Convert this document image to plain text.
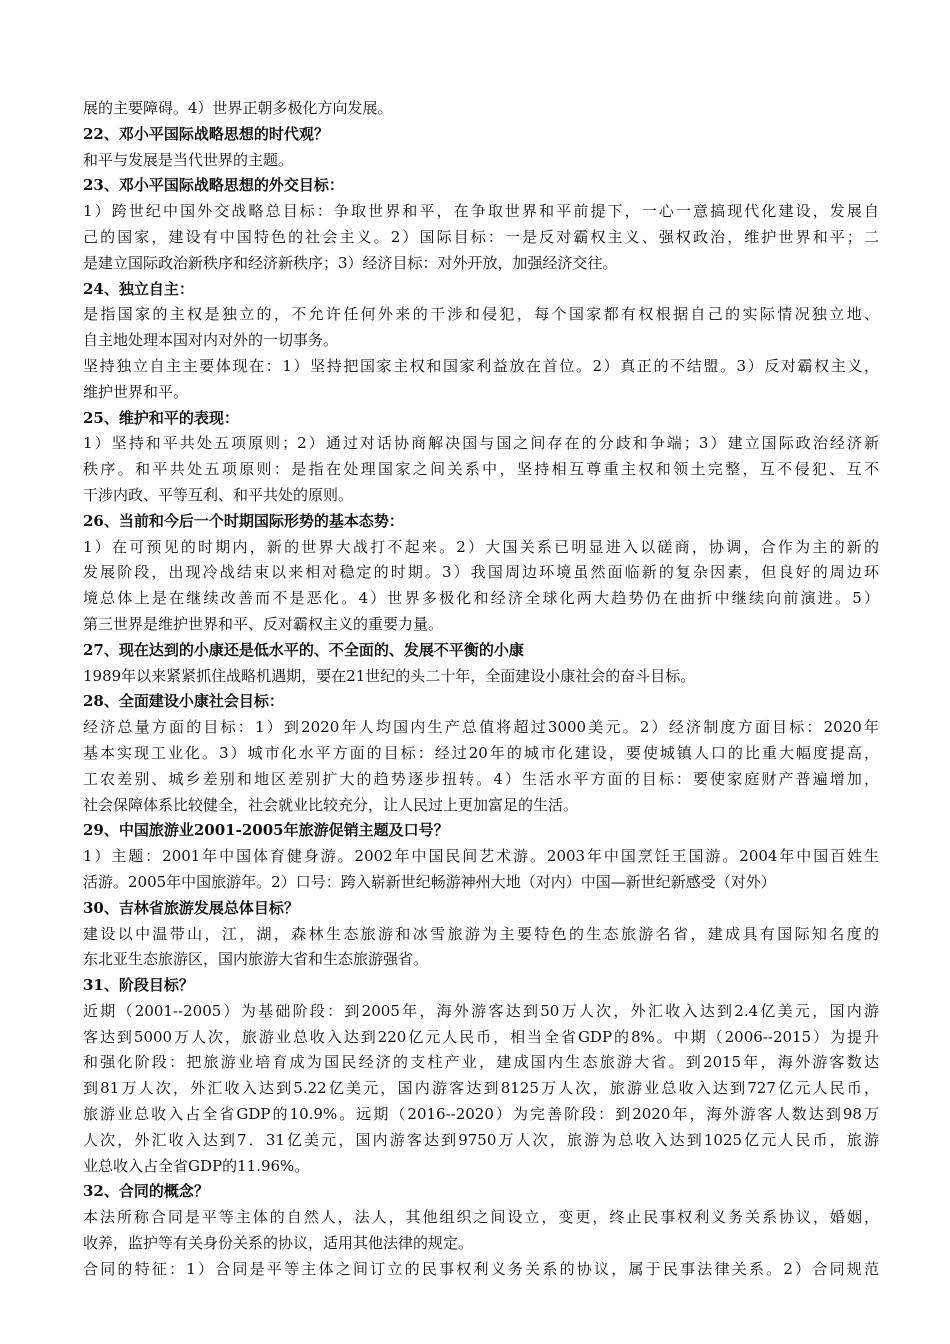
展的主要障碍。4）世界正朝多极化方向发展。
22、邓小平国际战略思想的时代观？
和平与发展是当代世界的主题。
23、邓小平国际战略思想的外交目标：
1）跨世纪中国外交战略总目标：争取世界和平，在争取世界和平前提下，一心一意搞现代化建设，发展自
己的国家，建设有中国特色的社会主义。2）国际目标：一是反对霸权主义、强权政治，维护世界和平；二
是建立国际政治新秩序和经济新秩序；3）经济目标：对外开放，加强经济交往。
24、独立自主：
是指国家的主权是独立的，不允许任何外来的干涉和侵犯，每个国家都有权根据自己的实际情况独立地、
自主地处理本国对内对外的一切事务。
坚持独立自主主要体现在：1）坚持把国家主权和国家利益放在首位。2）真正的不结盟。3）反对霸权主义，
维护世界和平。
25、维护和平的表现：
1）坚持和平共处五项原则；2）通过对话协商解决国与国之间存在的分歧和争端；3）建立国际政治经济新
秩序。和平共处五项原则：是指在处理国家之间关系中，坚持相互尊重主权和领土完整，互不侵犯、互不
干涉内政、平等互利、和平共处的原则。
26、当前和今后一个时期国际形势的基本态势：
1）在可预见的时期内，新的世界大战打不起来。2）大国关系已明显进入以磋商，协调，合作为主的新的
发展阶段，出现冷战结束以来相对稳定的时期。3）我国周边环境虽然面临新的复杂因素，但良好的周边环
境总体上是在继续改善而不是恶化。4）世界多极化和经济全球化两大趋势仍在曲折中继续向前演进。5）
第三世界是维护世界和平、反对霸权主义的重要力量。
27、现在达到的小康还是低水平的、不全面的、发展不平衡的小康
1989年以来紧紧抓住战略机遇期，要在21世纪的头二十年，全面建设小康社会的奋斗目标。
28、全面建设小康社会目标：
经济总量方面的目标：1）到2020年人均国内生产总值将超过3000美元。2）经济制度方面目标：2020年
基本实现工业化。3）城市化水平方面的目标：经过20年的城市化建设，要使城镇人口的比重大幅度提高，
工农差别、城乡差别和地区差别扩大的趋势逐步扭转。4）生活水平方面的目标：要使家庭财产普遍增加，
社会保障体系比较健全，社会就业比较充分，让人民过上更加富足的生活。
29、中国旅游业2001-2005年旅游促销主题及口号？
1）主题：2001年中国体育健身游。2002年中国民间艺术游。2003年中国烹饪王国游。2004年中国百姓生
活游。2005年中国旅游年。2）口号：跨入崭新世纪畅游神州大地（对内）中国—新世纪新感受（对外）
30、吉林省旅游发展总体目标？
建设以中温带山，江，湖，森林生态旅游和冰雪旅游为主要特色的生态旅游名省，建成具有国际知名度的
东北亚生态旅游区，国内旅游大省和生态旅游强省。
31、阶段目标？
近期（2001--2005）为基础阶段：到2005年，海外游客达到50万人次，外汇收入达到2.4亿美元，国内游
客达到5000万人次，旅游业总收入达到220亿元人民币，相当全省GDP的8%。中期（2006--2015）为提升
和强化阶段：把旅游业培育成为国民经济的支柱产业，建成国内生态旅游大省。到2015年，海外游客数达
到81万人次，外汇收入达到5.22亿美元，国内游客达到8125万人次，旅游业总收入达到727亿元人民币，
旅游业总收入占全省GDP的10.9%。远期（2016--2020）为完善阶段：到2020年，海外游客人数达到98万
人次，外汇收入达到7．31亿美元，国内游客达到9750万人次，旅游为总收入达到1025亿元人民币，旅游
业总收入占全省GDP的11.96%。
32、合同的概念？
本法所称合同是平等主体的自然人，法人，其他组织之间设立，变更，终止民事权利义务关系协议，婚姻，
收养，监护等有关身份关系的协议，适用其他法律的规定。
合同的特征：1）合同是平等主体之间订立的民事权利义务关系的协议，属于民事法律关系。2）合同规范
